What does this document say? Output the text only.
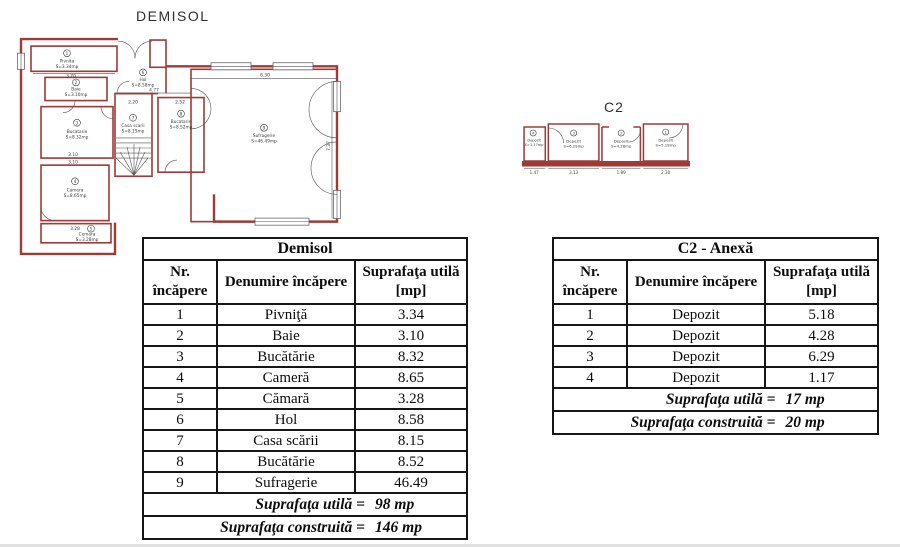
DEMISOL
1
Pivnita
S=3.34mp
2
Baie
S=3.10mp
3
Bucatarie
S=8.32mp
4
Camera
S=8.65mp
5
Cemara
S=3.28mp
6
Hol
S=8.58mp
7
Casa scarii
S=8.15mp
8
Bucatarie
S=8.52mp	9
Sufragerie
S=46.49mp
3.70
4.77
2.20	2.52
6.30
3.10
3.10
3.28
7.37
C2
4
Depozit
S=1.17mp
3
Depozit
S=6.29mp
2
Depozit
S=4.28mp
1
Depozit
S=5.18mp
1.47	3.13	1.89	2.30
Demisol		

Nr.
încăpere
	Denumire încăpere	
Suprafaţa utilă
[mp]

1	Pivniţă	3.34
2	Baie	3.10
3	Bucătărie	8.32
4	Cameră	8.65
5	Cămară	3.28
6	Hol	8.58
7	Casa scării	8.15
8	Bucătărie	8.52
9	Sufragerie	46.49
Suprafaţa utilă = 98 mp		
Suprafaţa construită = 146 mp		
C2 - Anexă		

Nr.
încăpere
	Denumire încăpere	
Suprafaţa utilă
[mp]

1	Depozit	5.18
2	Depozit	4.28
3	Depozit	6.29
4	Depozit	1.17
Suprafaţa utilă = 17 mp		
Suprafaţa construită = 20 mp		
